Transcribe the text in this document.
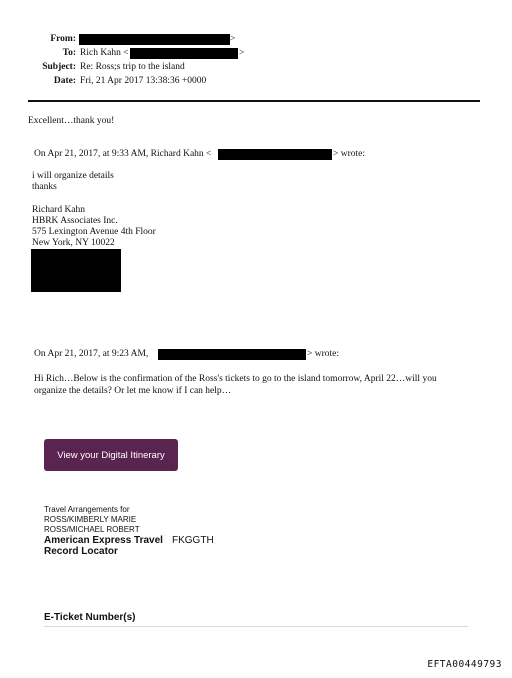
From:	>
To: Rich Kahn <	>
Subject: Re: Ross;s trip to the island
Date: Fri, 21 Apr 2017 13:38:36 +0000
Excellent…thank you!
On Apr 21, 2017, at 9:33 AM, Richard Kahn <	> wrote:
i will organize details
thanks
Richard Kahn
HBRK Associates Inc.
575 Lexington Avenue 4th Floor
New York, NY 10022
On Apr 21, 2017, at 9:23 AM,	> wrote:
Hi Rich…Below is the confirmation of the Ross's tickets to go to the island tomorrow, April 22…will you
organize the details? Or let me know if I can help…
View your Digital Itinerary
Travel Arrangements for
ROSS/KIMBERLY MARIE
ROSS/MICHAEL ROBERT
American Express Travel FKGGTH
Record Locator
E-Ticket Number(s)
EFTA00449793
